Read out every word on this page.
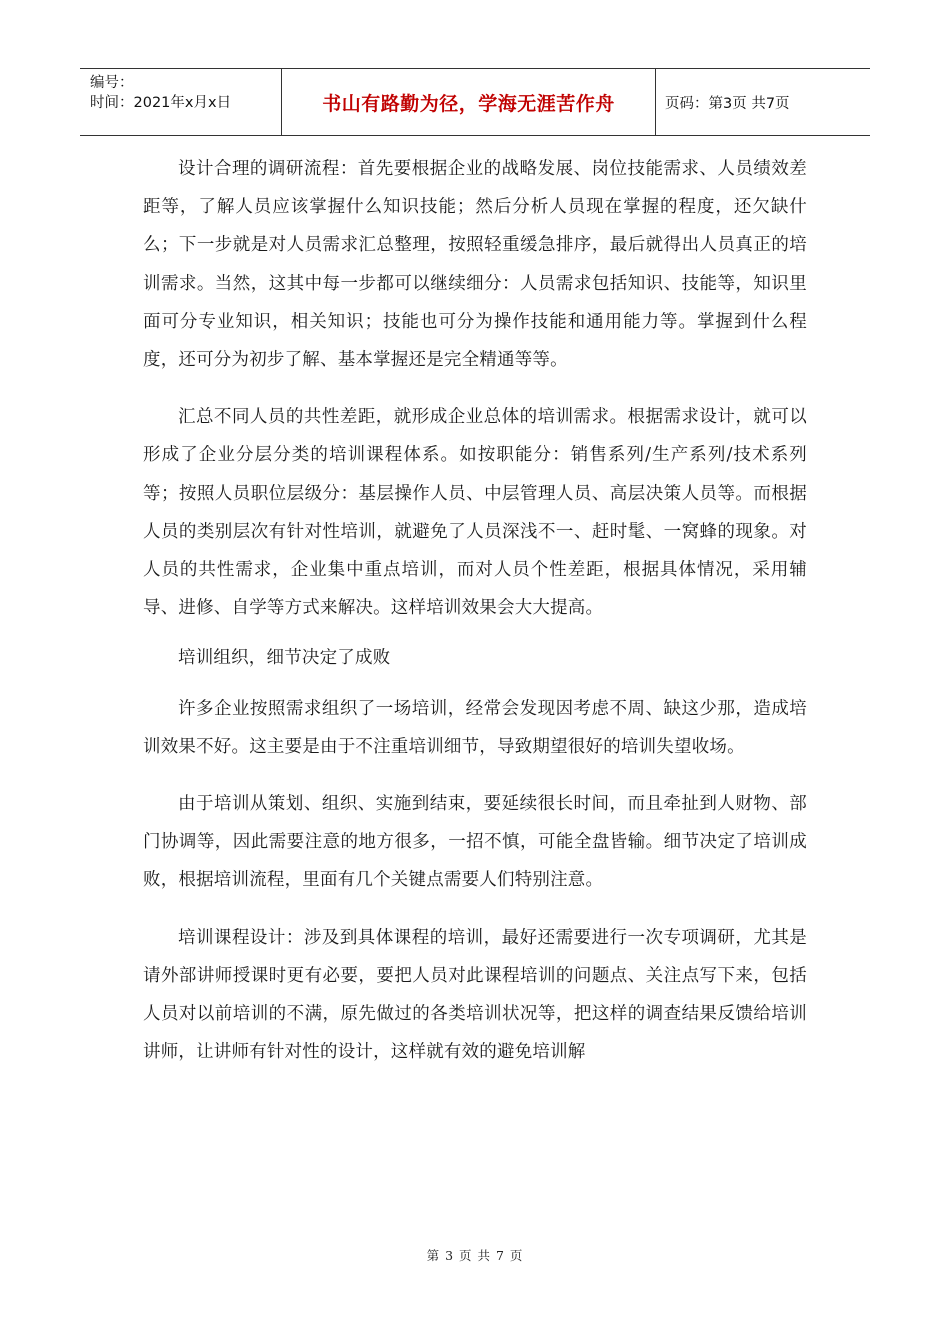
编号：
时间：2021年x月x日	书山有路勤为径，学海无涯苦作舟	页码：第3页 共7页

设计合理的调研流程：首先要根据企业的战略发展、岗位技能需求、人员绩效差距等，了解人员应该掌握什么知识技能；然后分析人员现在掌握的程度，还欠缺什么；下一步就是对人员需求汇总整理，按照轻重缓急排序，最后就得出人员真正的培训需求。当然，这其中每一步都可以继续细分：人员需求包括知识、技能等，知识里面可分专业知识，相关知识；技能也可分为操作技能和通用能力等。掌握到什么程度，还可分为初步了解、基本掌握还是完全精通等等。

汇总不同人员的共性差距，就形成企业总体的培训需求。根据需求设计，就可以形成了企业分层分类的培训课程体系。如按职能分：销售系列/生产系列/技术系列等；按照人员职位层级分：基层操作人员、中层管理人员、高层决策人员等。而根据人员的类别层次有针对性培训，就避免了人员深浅不一、赶时髦、一窝蜂的现象。对人员的共性需求，企业集中重点培训，而对人员个性差距，根据具体情况，采用辅导、进修、自学等方式来解决。这样培训效果会大大提高。

培训组织，细节决定了成败

许多企业按照需求组织了一场培训，经常会发现因考虑不周、缺这少那，造成培训效果不好。这主要是由于不注重培训细节，导致期望很好的培训失望收场。

由于培训从策划、组织、实施到结束，要延续很长时间，而且牵扯到人财物、部门协调等，因此需要注意的地方很多，一招不慎，可能全盘皆输。细节决定了培训成败，根据培训流程，里面有几个关键点需要人们特别注意。

培训课程设计：涉及到具体课程的培训，最好还需要进行一次专项调研，尤其是请外部讲师授课时更有必要，要把人员对此课程培训的问题点、关注点写下来，包括人员对以前培训的不满，原先做过的各类培训状况等，把这样的调查结果反馈给培训讲师，让讲师有针对性的设计，这样就有效的避免培训解

第 3 页 共 7 页
